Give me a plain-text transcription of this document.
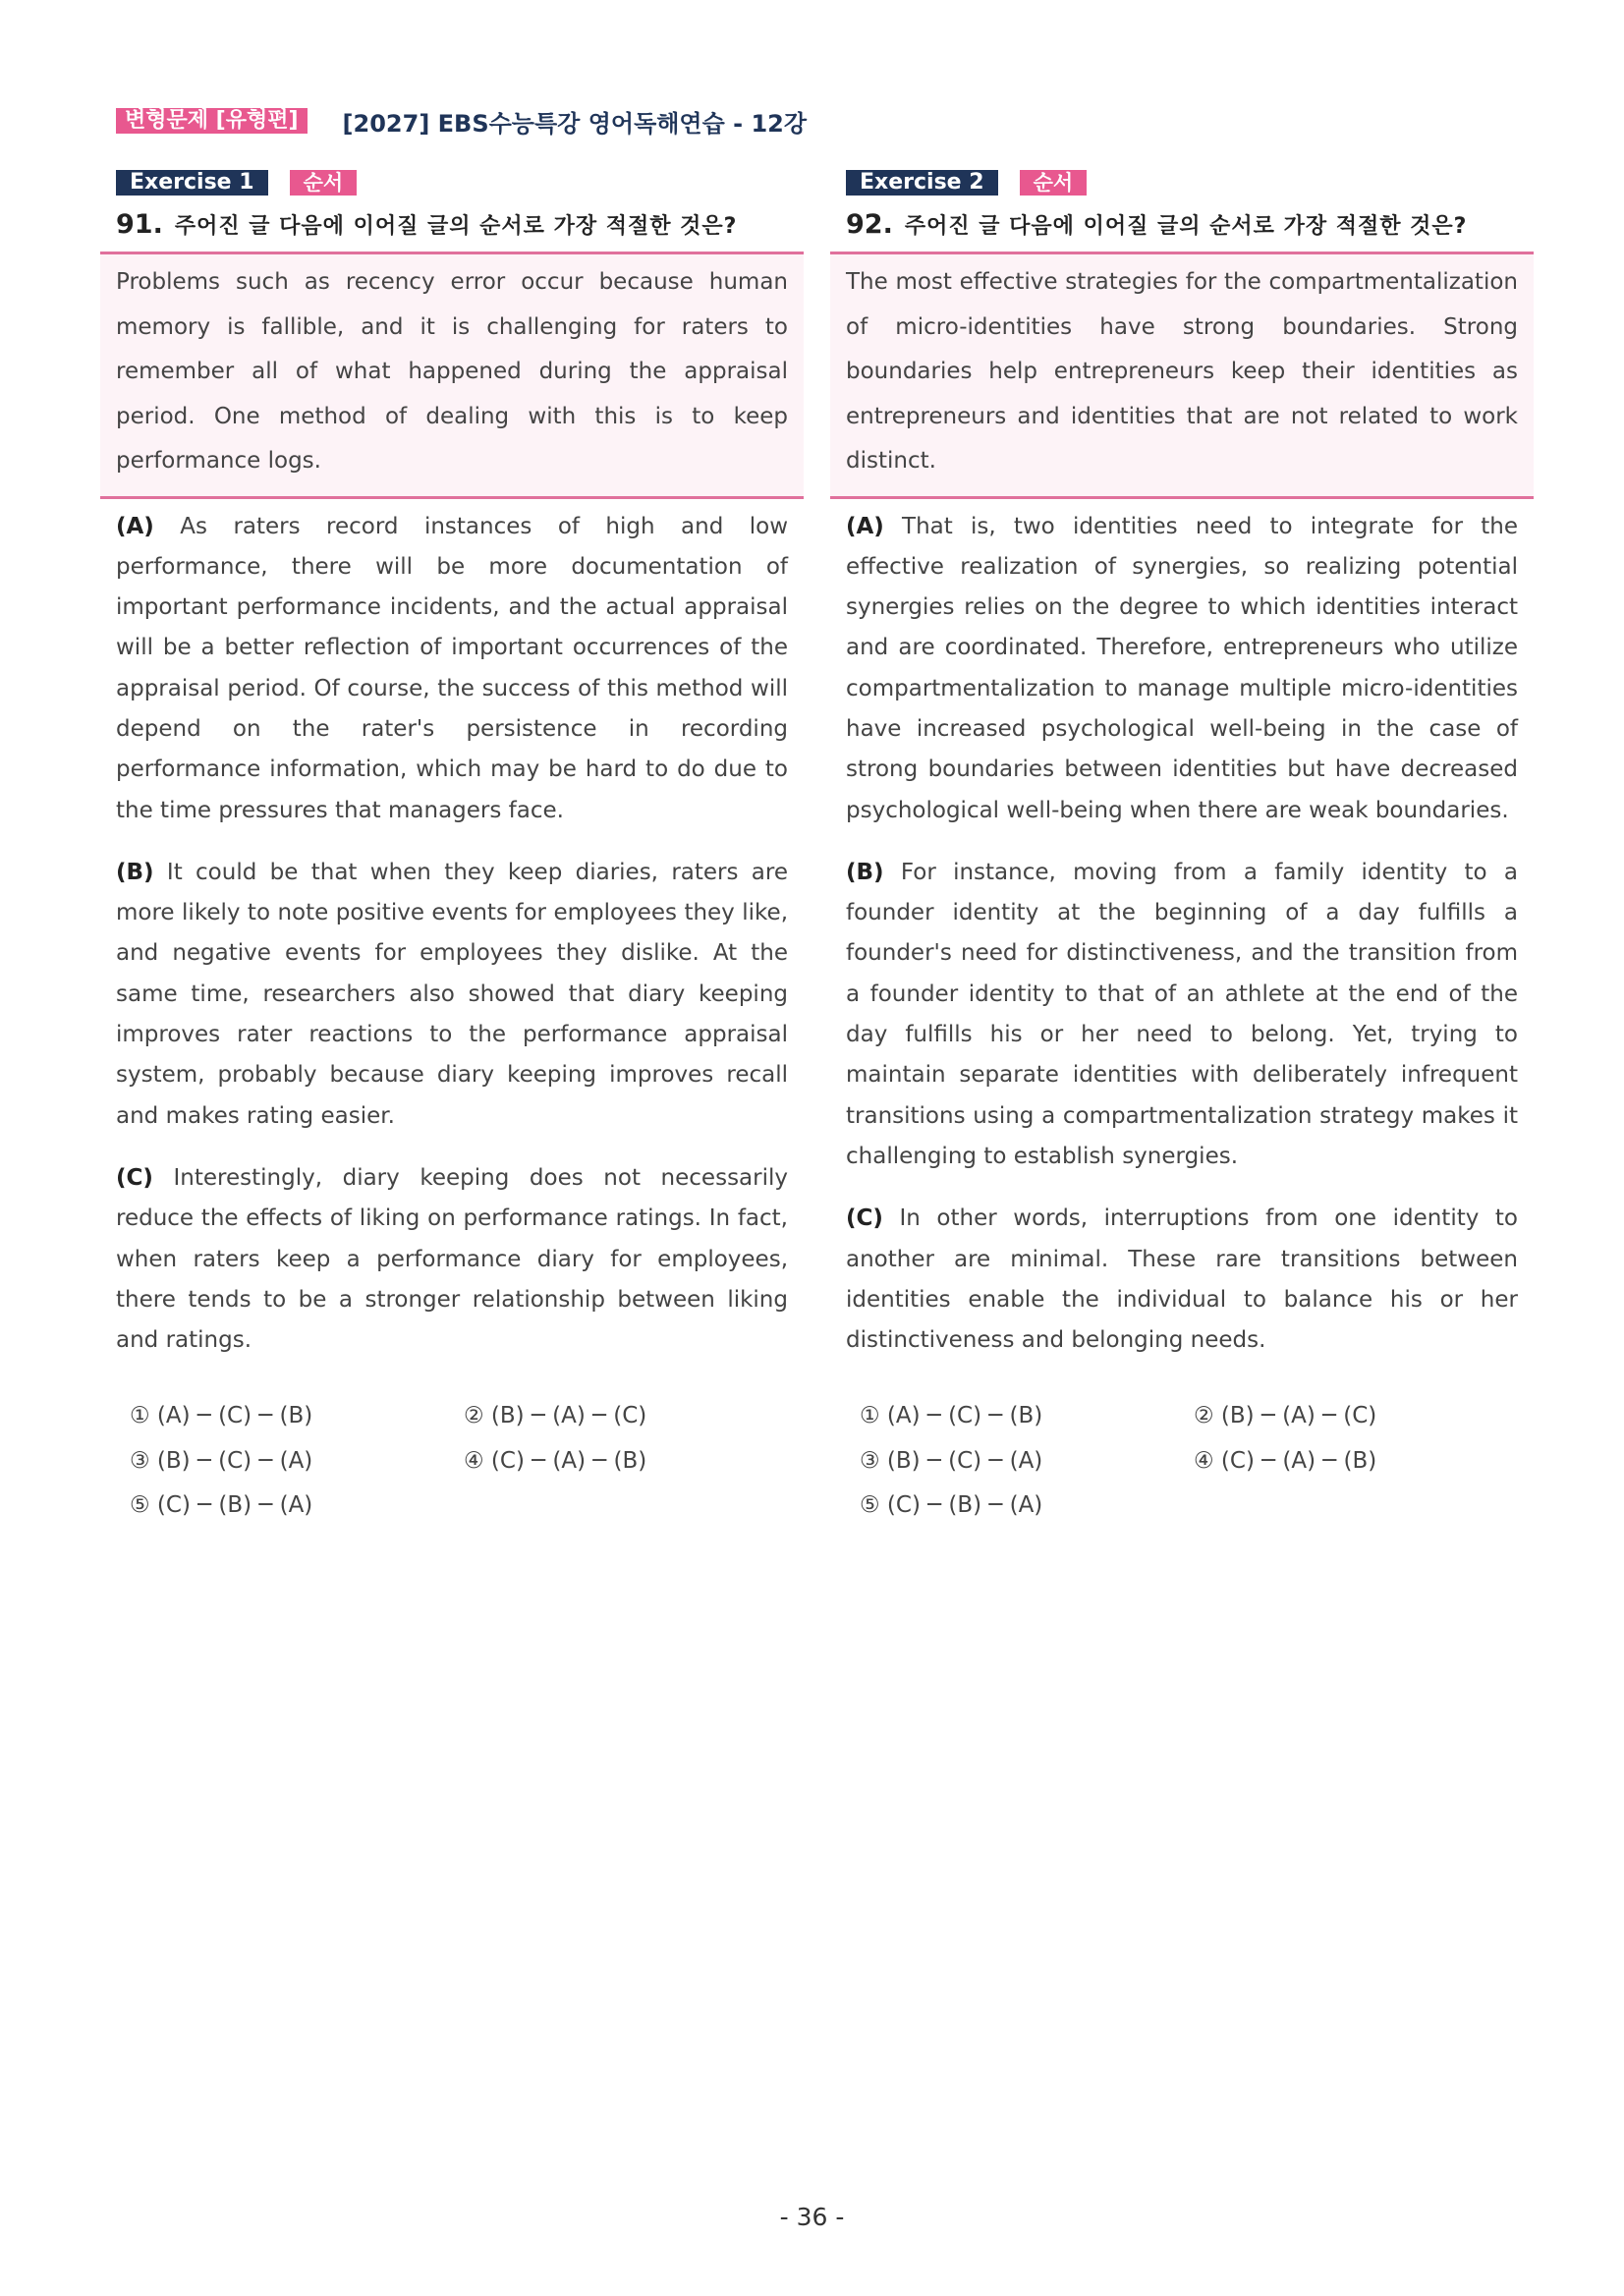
변형문제 [유형편]	[2027] EBS수능특강 영어독해연습 - 12강
Exercise 1	순서
91. 주어진 글 다음에 이어질 글의 순서로 가장 적절한 것은?
Problems such as recency error occur because human memory is fallible, and it is challenging for raters to remember all of what happened during the appraisal period. One method of dealing with this is to keep performance logs.
(A) As raters record instances of high and low performance, there will be more documentation of important performance incidents, and the actual appraisal will be a better reflection of important occurrences of the appraisal period. Of course, the success of this method will depend on the rater's persistence in recording performance information, which may be hard to do due to the time pressures that managers face.
(B) It could be that when they keep diaries, raters are more likely to note positive events for employees they like, and negative events for employees they dislike. At the same time, researchers also showed that diary keeping improves rater reactions to the performance appraisal system, probably because diary keeping improves recall and makes rating easier.
(C) Interestingly, diary keeping does not necessarily reduce the effects of liking on performance ratings. In fact, when raters keep a performance diary for employees, there tends to be a stronger relationship between liking and ratings.
① (A) ─ (C) ─ (B)	② (B) ─ (A) ─ (C)
③ (B) ─ (C) ─ (A)	④ (C) ─ (A) ─ (B)
⑤ (C) ─ (B) ─ (A)
Exercise 2	순서
92. 주어진 글 다음에 이어질 글의 순서로 가장 적절한 것은?
The most effective strategies for the compartmentalization of micro-identities have strong boundaries. Strong boundaries help entrepreneurs keep their identities as entrepreneurs and identities that are not related to work distinct.
(A) That is, two identities need to integrate for the effective realization of synergies, so realizing potential synergies relies on the degree to which identities interact and are coordinated. Therefore, entrepreneurs who utilize compartmentalization to manage multiple micro-identities have increased psychological well-being in the case of strong boundaries between identities but have decreased psychological well-being when there are weak boundaries.
(B) For instance, moving from a family identity to a founder identity at the beginning of a day fulfills a founder's need for distinctiveness, and the transition from a founder identity to that of an athlete at the end of the day fulfills his or her need to belong. Yet, trying to maintain separate identities with deliberately infrequent transitions using a compartmentalization strategy makes it challenging to establish synergies.
(C) In other words, interruptions from one identity to another are minimal. These rare transitions between identities enable the individual to balance his or her distinctiveness and belonging needs.
① (A) ─ (C) ─ (B)	② (B) ─ (A) ─ (C)
③ (B) ─ (C) ─ (A)	④ (C) ─ (A) ─ (B)
⑤ (C) ─ (B) ─ (A)
- 36 -
